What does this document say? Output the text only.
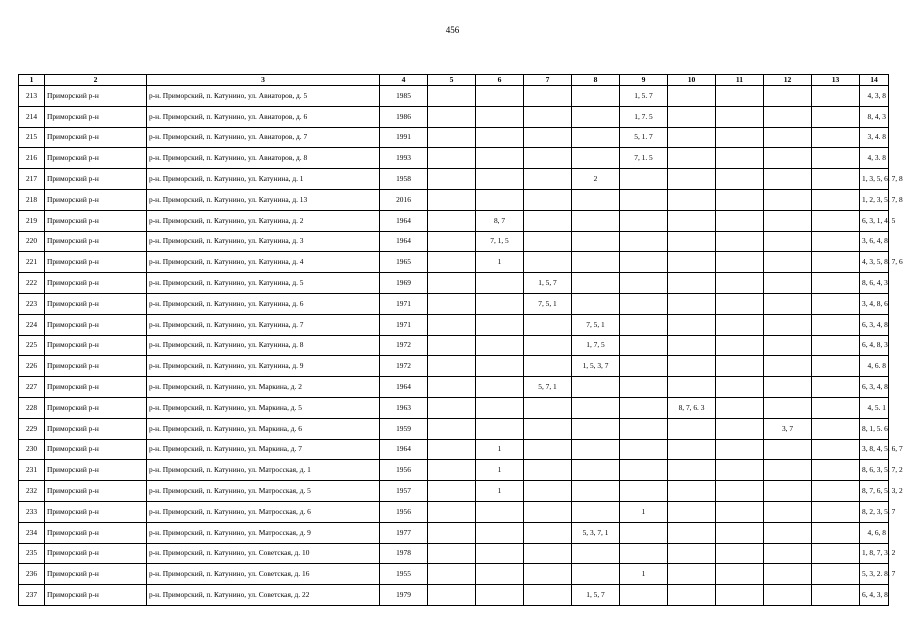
456
1	2	3	4	5	6	7	8	9	10	11	12	13	14
213	Приморский р-н	р-н. Приморский, п. Катунино, ул. Авиаторов, д. 5	1985					1, 5. 7					4, 3, 8
214	Приморский р-н	р-н. Приморский, п. Катунино, ул. Авиаторов, д. 6	1986					1, 7. 5					8, 4, 3
215	Приморский р-н	р-н. Приморский, п. Катунино, ул. Авиаторов, д. 7	1991					5, 1. 7					3, 4. 8
216	Приморский р-н	р-н. Приморский, п. Катунино, ул. Авиаторов, д. 8	1993					7, 1. 5					4, 3. 8
217	Приморский р-н	р-н. Приморский, п. Катунино, ул. Катунина, д. 1	1958				2						1, 3, 5, 6, 7, 8
218	Приморский р-н	р-н. Приморский, п. Катунино, ул. Катунина, д. 13	2016										1, 2, 3, 5, 7, 8
219	Приморский р-н	р-н. Приморский, п. Катунино, ул. Катунина, д. 2	1964		8, 7								6, 3, 1, 4, 5
220	Приморский р-н	р-н. Приморский, п. Катунино, ул. Катунина, д. 3	1964		7, 1, 5								3, 6, 4, 8
221	Приморский р-н	р-н. Приморский, п. Катунино, ул. Катунина, д. 4	1965		1								4, 3, 5, 8, 7, 6
222	Приморский р-н	р-н. Приморский, п. Катунино, ул. Катунина, д. 5	1969			1, 5, 7							8, 6, 4, 3
223	Приморский р-н	р-н. Приморский, п. Катунино, ул. Катунина, д. 6	1971			7, 5, 1							3, 4, 8, 6
224	Приморский р-н	р-н. Приморский, п. Катунино, ул. Катунина, д. 7	1971				7, 5, 1						6, 3, 4, 8
225	Приморский р-н	р-н. Приморский, п. Катунино, ул. Катунина, д. 8	1972				1, 7, 5						6, 4, 8, 3
226	Приморский р-н	р-н. Приморский, п. Катунино, ул. Катунина, д. 9	1972				1, 5, 3, 7						4, 6. 8
227	Приморский р-н	р-н. Приморский, п. Катунино, ул. Маркина, д. 2	1964			5, 7, 1							6, 3, 4, 8
228	Приморский р-н	р-н. Приморский, п. Катунино, ул. Маркина, д. 5	1963						8, 7, 6. 3				4, 5. 1
229	Приморский р-н	р-н. Приморский, п. Катунино, ул. Маркина, д. 6	1959								3, 7		8, 1, 5. 6
230	Приморский р-н	р-н. Приморский, п. Катунино, ул. Маркина, д. 7	1964		1								3, 8, 4, 5, 6, 7
231	Приморский р-н	р-н. Приморский, п. Катунино, ул. Матросская, д. 1	1956		1								8, 6, 3, 5, 7, 2
232	Приморский р-н	р-н. Приморский, п. Катунино, ул. Матросская, д. 5	1957		1								8, 7, 6, 5, 3, 2
233	Приморский р-н	р-н. Приморский, п. Катунино, ул. Матросская, д. 6	1956					1					8, 2, 3, 5, 7
234	Приморский р-н	р-н. Приморский, п. Катунино, ул. Матросская, д. 9	1977				5, 3, 7, 1						4, 6, 8
235	Приморский р-н	р-н. Приморский, п. Катунино, ул. Советская, д. 10	1978										1, 8, 7, 3, 2
236	Приморский р-н	р-н. Приморский, п. Катунино, ул. Советская, д. 16	1955					1					5, 3, 2. 8, 7
237	Приморский р-н	р-н. Приморский, п. Катунино, ул. Советская, д. 22	1979				1, 5, 7						6, 4, 3, 8
